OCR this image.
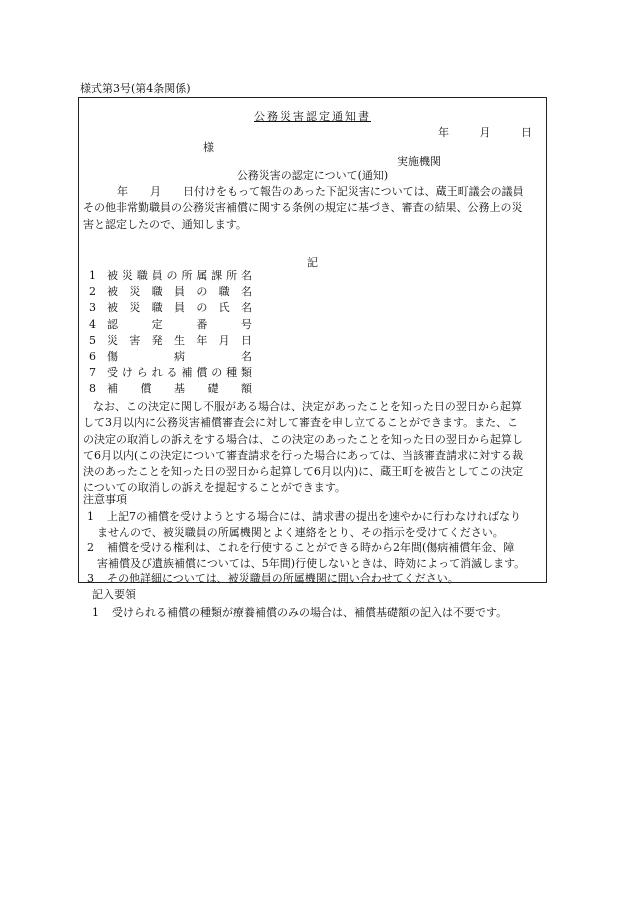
様式第3号(第4条関係)
公務災害認定通知書
年	月	日
様
実施機関
公務災害の認定について(通知)
年　　月　　日付けをもって報告のあった下記災害については、蔵王町議会の議員
その他非常勤職員の公務災害補償に関する条例の規定に基づき、審査の結果、公務上の災
害と認定したので、通知します。
記
1	被災職員の所属課所名
2	被災職員の職名
3	被災職員の氏名
4	認定番号
5	災害発生年月日
6	傷病名
7	受けられる補償の種類
8	補償基礎額
なお、この決定に関し不服がある場合は、決定があったことを知った日の翌日から起算
して3月以内に公務災害補償審査会に対して審査を申し立てることができます。また、こ
の決定の取消しの訴えをする場合は、この決定のあったことを知った日の翌日から起算し
て6月以内(この決定について審査請求を行った場合にあっては、当該審査請求に対する裁
決のあったことを知った日の翌日から起算して6月以内)に、蔵王町を被告としてこの決定
についての取消しの訴えを提起することができます。
注意事項
1 上記7の補償を受けようとする場合には、請求書の提出を速やかに行わなければなり
ませんので、被災職員の所属機関とよく連絡をとり、その指示を受けてください。
2 補償を受ける権利は、これを行使することができる時から2年間(傷病補償年金、障
害補償及び遺族補償については、5年間)行使しないときは、時効によって消滅します。
3 その他詳細については、被災職員の所属機関に問い合わせてください。
記入要領
1 受けられる補償の種類が療養補償のみの場合は、補償基礎額の記入は不要です。
